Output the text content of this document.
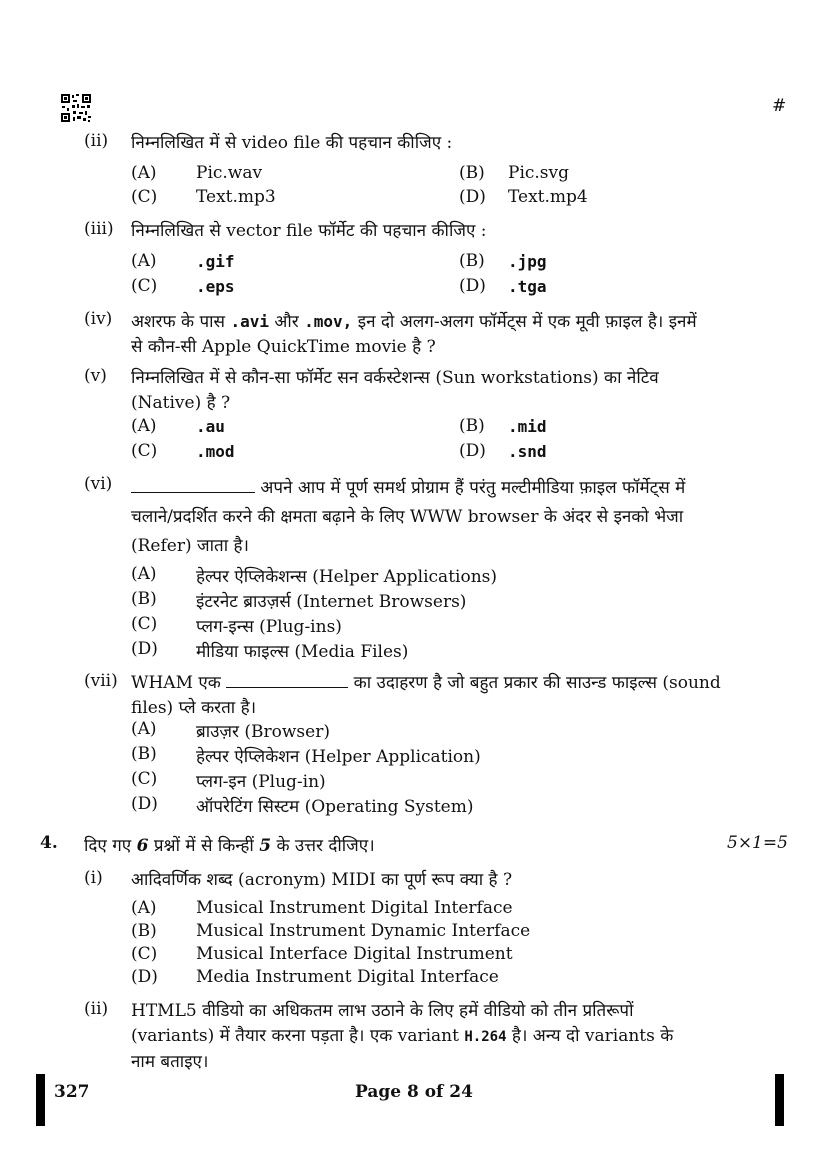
#
(ii)	निम्नलिखित में से video file की पहचान कीजिए :
(A)	Pic.wav	(B)	Pic.svg
(C)	Text.mp3	(D)	Text.mp4
(iii)	निम्नलिखित से vector file फॉर्मेट की पहचान कीजिए :
(A)	.gif	(B)	.jpg
(C)	.eps	(D)	.tga
(iv)	अशरफ के पास .avi और .mov, इन दो अलग-अलग फॉर्मेट्स में एक मूवी फ़ाइल है। इनमें
से कौन-सी Apple QuickTime movie है ?
(v)	निम्नलिखित में से कौन-सा फॉर्मेट सन वर्कस्टेशन्स (Sun workstations) का नेटिव
(Native) है ?
(A)	.au	(B)	.mid
(C)	.mod	(D)	.snd
(vi)	अपने आप में पूर्ण समर्थ प्रोग्राम हैं परंतु मल्टीमीडिया फ़ाइल फॉर्मेट्स में
चलाने/प्रदर्शित करने की क्षमता बढ़ाने के लिए WWW browser के अंदर से इनको भेजा
(Refer) जाता है।
(A)	हेल्पर ऐप्लिकेशन्स (Helper Applications)
(B)	इंटरनेट ब्राउज़र्स (Internet Browsers)
(C)	प्लग-इन्स (Plug-ins)
(D)	मीडिया फाइल्स (Media Files)
(vii) WHAM एक	का उदाहरण है जो बहुत प्रकार की साउन्ड फाइल्स (sound
files) प्ले करता है।
(A)	ब्राउज़र (Browser)
(B)	हेल्पर ऐप्लिकेशन (Helper Application)
(C)	प्लग-इन (Plug-in)
(D)	ऑपरेटिंग सिस्टम (Operating System)
4. दिए गए 6 प्रश्नों में से किन्हीं 5 के उत्तर दीजिए।	5×1=5
(i)	आदिवर्णिक शब्द (acronym) MIDI का पूर्ण रूप क्या है ?
(A)	Musical Instrument Digital Interface
(B)	Musical Instrument Dynamic Interface
(C)	Musical Interface Digital Instrument
(D)	Media Instrument Digital Interface
(ii)	HTML5 वीडियो का अधिकतम लाभ उठाने के लिए हमें वीडियो को तीन प्रतिरूपों
(variants) में तैयार करना पड़ता है। एक variant H.264 है। अन्य दो variants के
नाम बताइए।
327	Page 8 of 24
